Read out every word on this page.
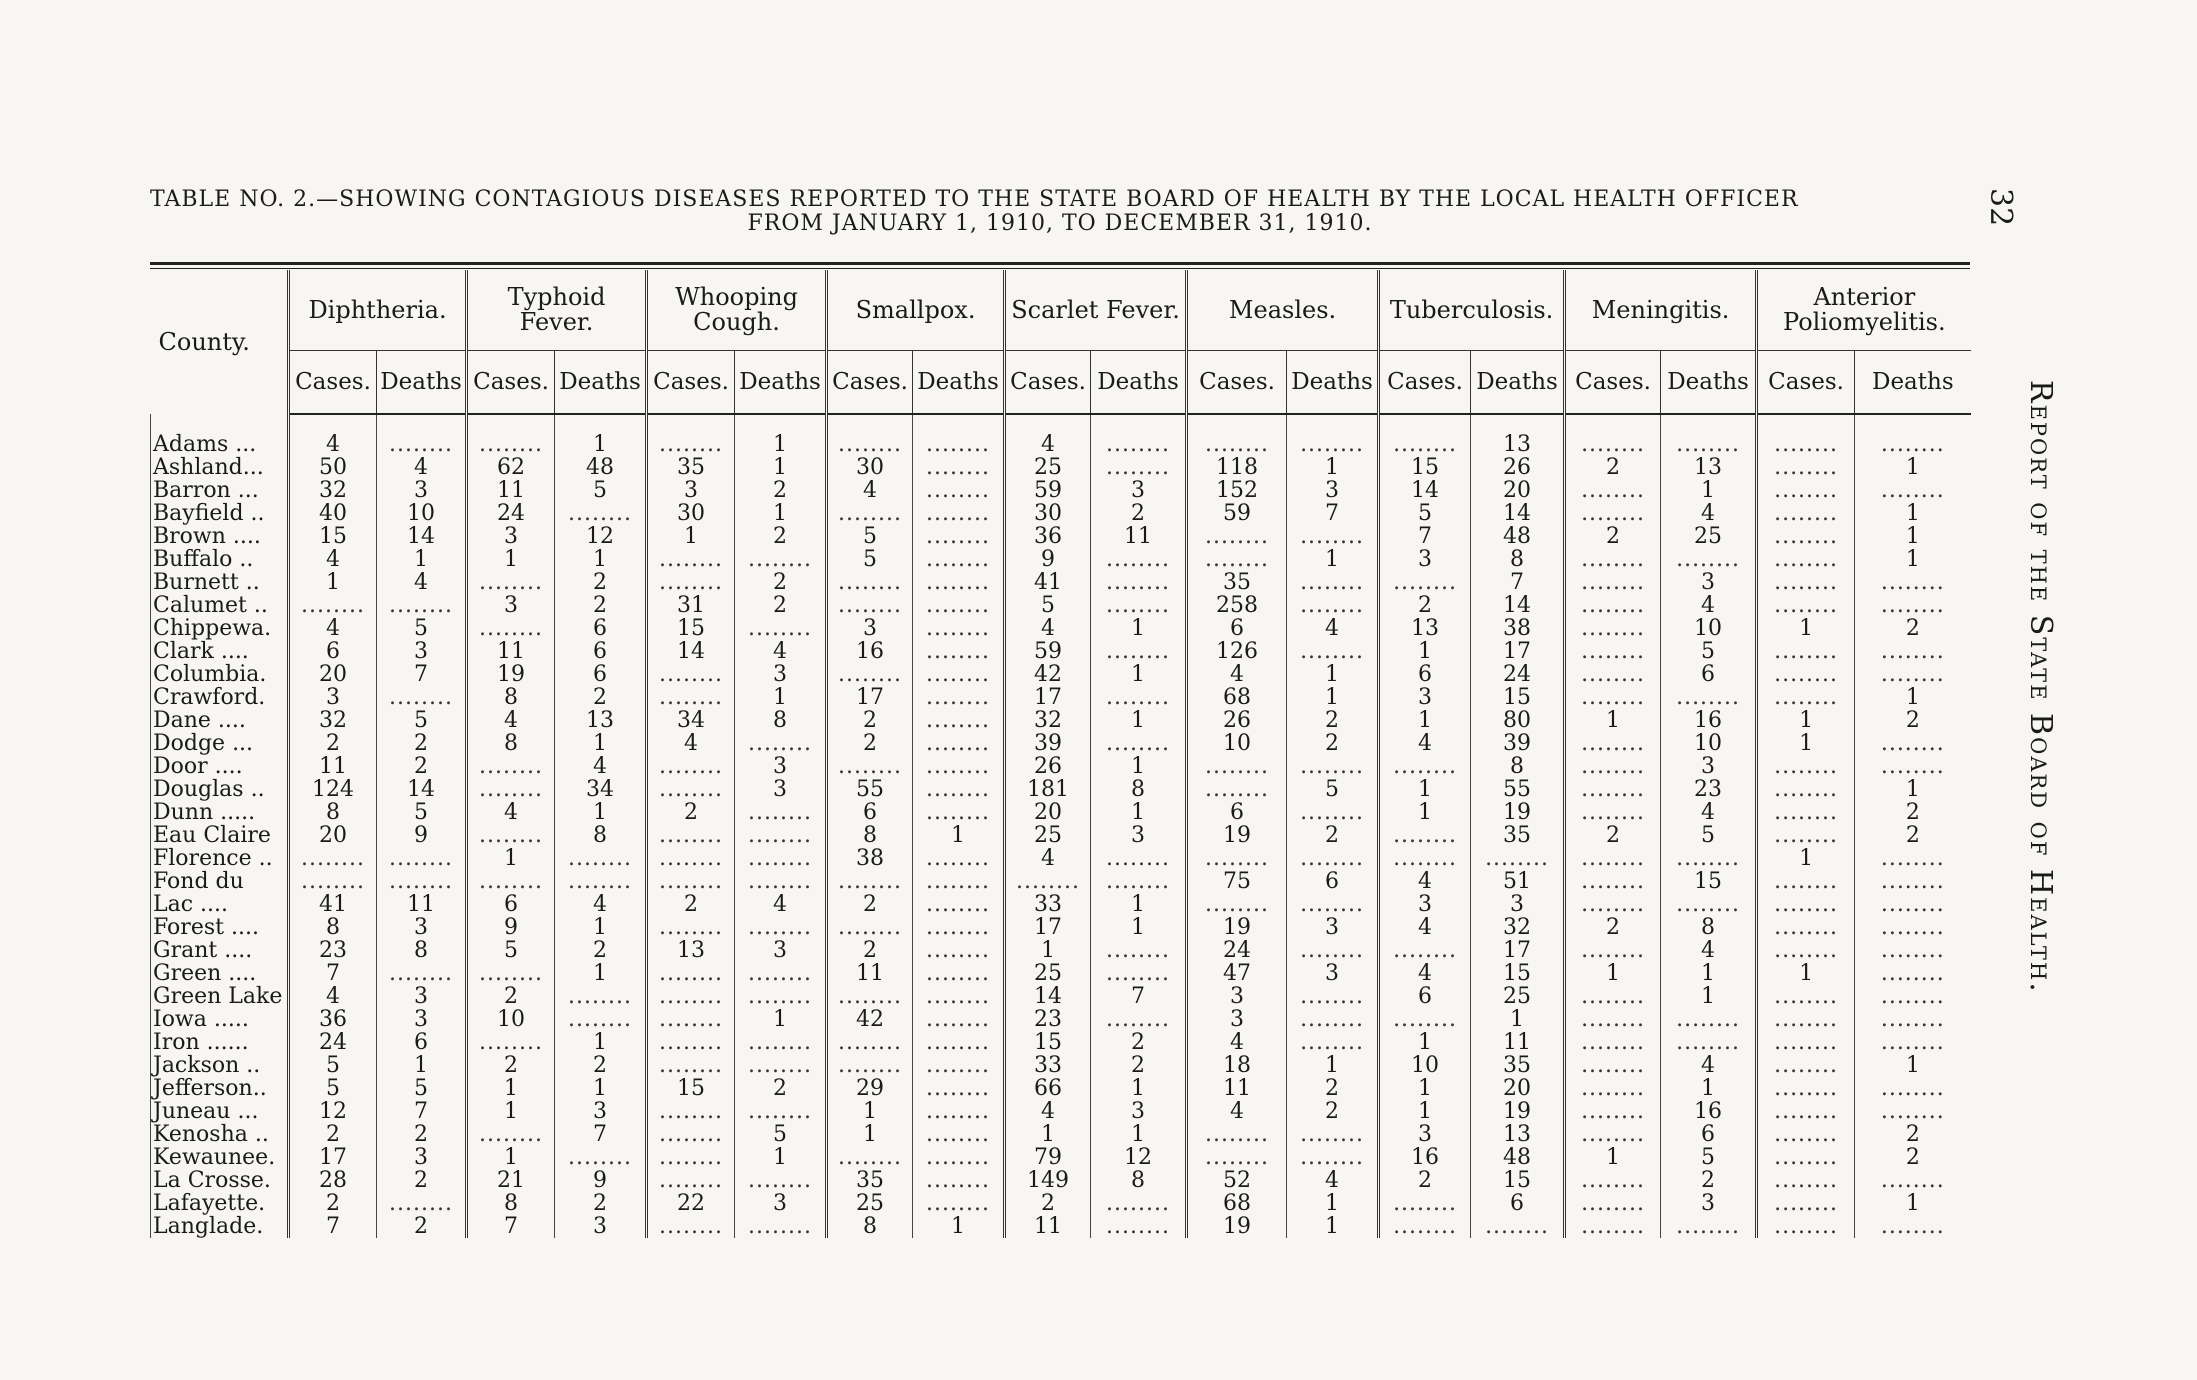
TABLE NO. 2.—SHOWING CONTAGIOUS DISEASES REPORTED TO THE STATE BOARD OF HEALTH BY THE LOCAL HEALTH OFFICER
FROM JANUARY 1, 1910, TO DECEMBER 31, 1910.	32
Report of the State Board of Health.
County.	Diphtheria.		Typhoid Fever.		Whooping Cough.		Smallpox.		Scarlet Fever.		Measles.		Tuberculosis.		Meningitis.		Anterior Poliomyelitis.	
	Cases.	Deaths	Cases.	Deaths	Cases.	Deaths	Cases.	Deaths	Cases.	Deaths	Cases.	Deaths	Cases.	Deaths	Cases.	Deaths	Cases.	Deaths
Adams ...	4	........	........	1	........	1	........	........	4	........	........	........	........	13	........	........	........	........
Ashland...	50	4	62	48	35	1	30	........	25	........	118	1	15	26	2	13	........	1
Barron ...	32	3	11	5	3	2	4	........	59	3	152	3	14	20	........	1	........	........
Bayfield ..	40	10	24	........	30	1	........	........	30	2	59	7	5	14	........	4	........	1
Brown ....	15	14	3	12	1	2	5	........	36	11	........	........	7	48	2	25	........	1
Buffalo ..	4	1	1	1	........	........	5	........	9	........	........	1	3	8	........	........	........	1
Burnett ..	1	4	........	2	........	2	........	........	41	........	35	........	........	7	........	3	........	........
Calumet ..	........	........	3	2	31	2	........	........	5	........	258	........	2	14	........	4	........	........
Chippewa.	4	5	........	6	15	........	3	........	4	1	6	4	13	38	........	10	1	2
Clark ....	6	3	11	6	14	4	16	........	59	........	126	........	1	17	........	5	........	........
Columbia.	20	7	19	6	........	3	........	........	42	1	4	1	6	24	........	6	........	........
Crawford.	3	........	8	2	........	1	17	........	17	........	68	1	3	15	........	........	........	1
Dane ....	32	5	4	13	34	8	2	........	32	1	26	2	1	80	1	16	1	2
Dodge ...	2	2	8	1	4	........	2	........	39	........	10	2	4	39	........	10	1	........
Door ....	11	2	........	4	........	3	........	........	26	1	........	........	........	8	........	3	........	........
Douglas ..	124	14	........	34	........	3	55	........	181	8	........	5	1	55	........	23	........	1
Dunn .....	8	5	4	1	2	........	6	........	20	1	6	........	1	19	........	4	........	2
Eau Claire	20	9	........	8	........	........	8	1	25	3	19	2	........	35	2	5	........	2
Florence ..	........	........	1	........	........	........	38	........	4	........	........	........	........	........	........	........	1	........
Fond du	........	........	........	........	........	........	........	........	........	........	75	6	4	51	........	15	........	........
Lac ....	41	11	6	4	2	4	2	........	33	1	........	........	3	3	........	........	........	........
Forest ....	8	3	9	1	........	........	........	........	17	1	19	3	4	32	2	8	........	........
Grant ....	23	8	5	2	13	3	2	........	1	........	24	........	........	17	........	4	........	........
Green ....	7	........	........	1	........	........	11	........	25	........	47	3	4	15	1	1	1	........
Green Lake	4	3	2	........	........	........	........	........	14	7	3	........	6	25	........	1	........	........
Iowa .....	36	3	10	........	........	1	42	........	23	........	3	........	........	1	........	........	........	........
Iron ......	24	6	........	1	........	........	........	........	15	2	4	........	1	11	........	........	........	........
Jackson ..	5	1	2	2	........	........	........	........	33	2	18	1	10	35	........	4	........	1
Jefferson..	5	5	1	1	15	2	29	........	66	1	11	2	1	20	........	1	........	........
Juneau ...	12	7	1	3	........	........	1	........	4	3	4	2	1	19	........	16	........	........
Kenosha ..	2	2	........	7	........	5	1	........	1	1	........	........	3	13	........	6	........	2
Kewaunee.	17	3	1	........	........	1	........	........	79	12	........	........	16	48	1	5	........	2
La Crosse.	28	2	21	9	........	........	35	........	149	8	52	4	2	15	........	2	........	........
Lafayette.	2	........	8	2	22	3	25	........	2	........	68	1	........	6	........	3	........	1
Langlade.	7	2	7	3	........	........	8	1	11	........	19	1	........	........	........	........	........	........
